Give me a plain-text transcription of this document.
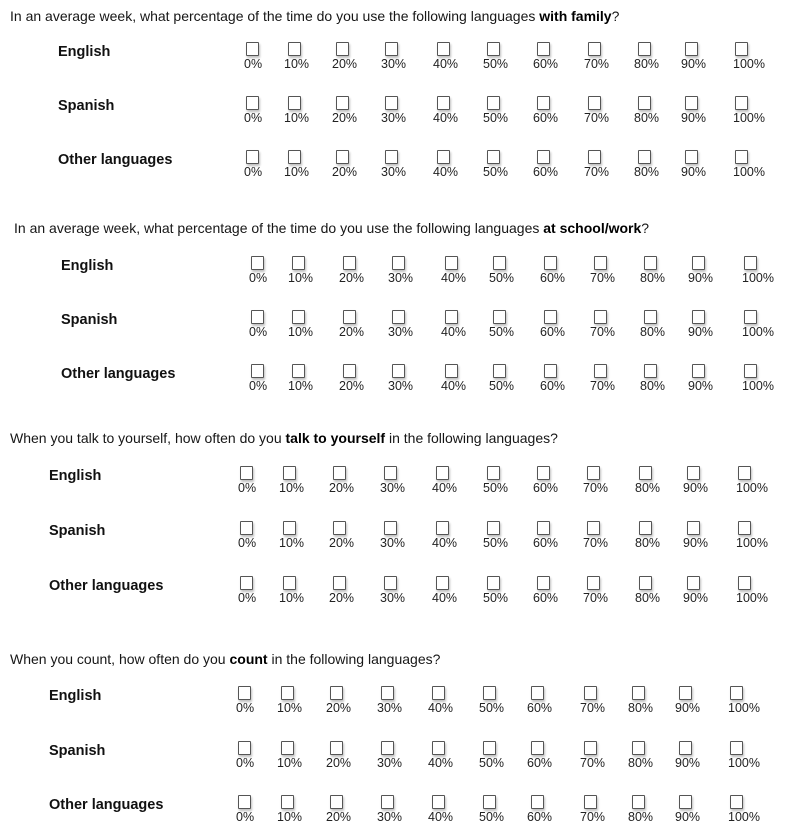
In an average week, what percentage of the time do you use the following languages with family?
English
0% 10% 20% 30% 40% 50% 60% 70% 80% 90% 100%
Spanish
0% 10% 20% 30% 40% 50% 60% 70% 80% 90% 100%
Other languages
0% 10% 20% 30% 40% 50% 60% 70% 80% 90% 100%
In an average week, what percentage of the time do you use the following languages at school/work?
English
0% 10% 20% 30% 40% 50% 60% 70% 80% 90% 100%
Spanish
0% 10% 20% 30% 40% 50% 60% 70% 80% 90% 100%
Other languages
0% 10% 20% 30% 40% 50% 60% 70% 80% 90% 100%
When you talk to yourself, how often do you talk to yourself in the following languages?
English
0% 10% 20% 30% 40% 50% 60% 70% 80% 90% 100%
Spanish
0% 10% 20% 30% 40% 50% 60% 70% 80% 90% 100%
Other languages
0% 10% 20% 30% 40% 50% 60% 70% 80% 90% 100%
When you count, how often do you count in the following languages?
English
0% 10% 20% 30% 40% 50% 60% 70% 80% 90% 100%
Spanish
0% 10% 20% 30% 40% 50% 60% 70% 80% 90% 100%
Other languages
0% 10% 20% 30% 40% 50% 60% 70% 80% 90% 100%
